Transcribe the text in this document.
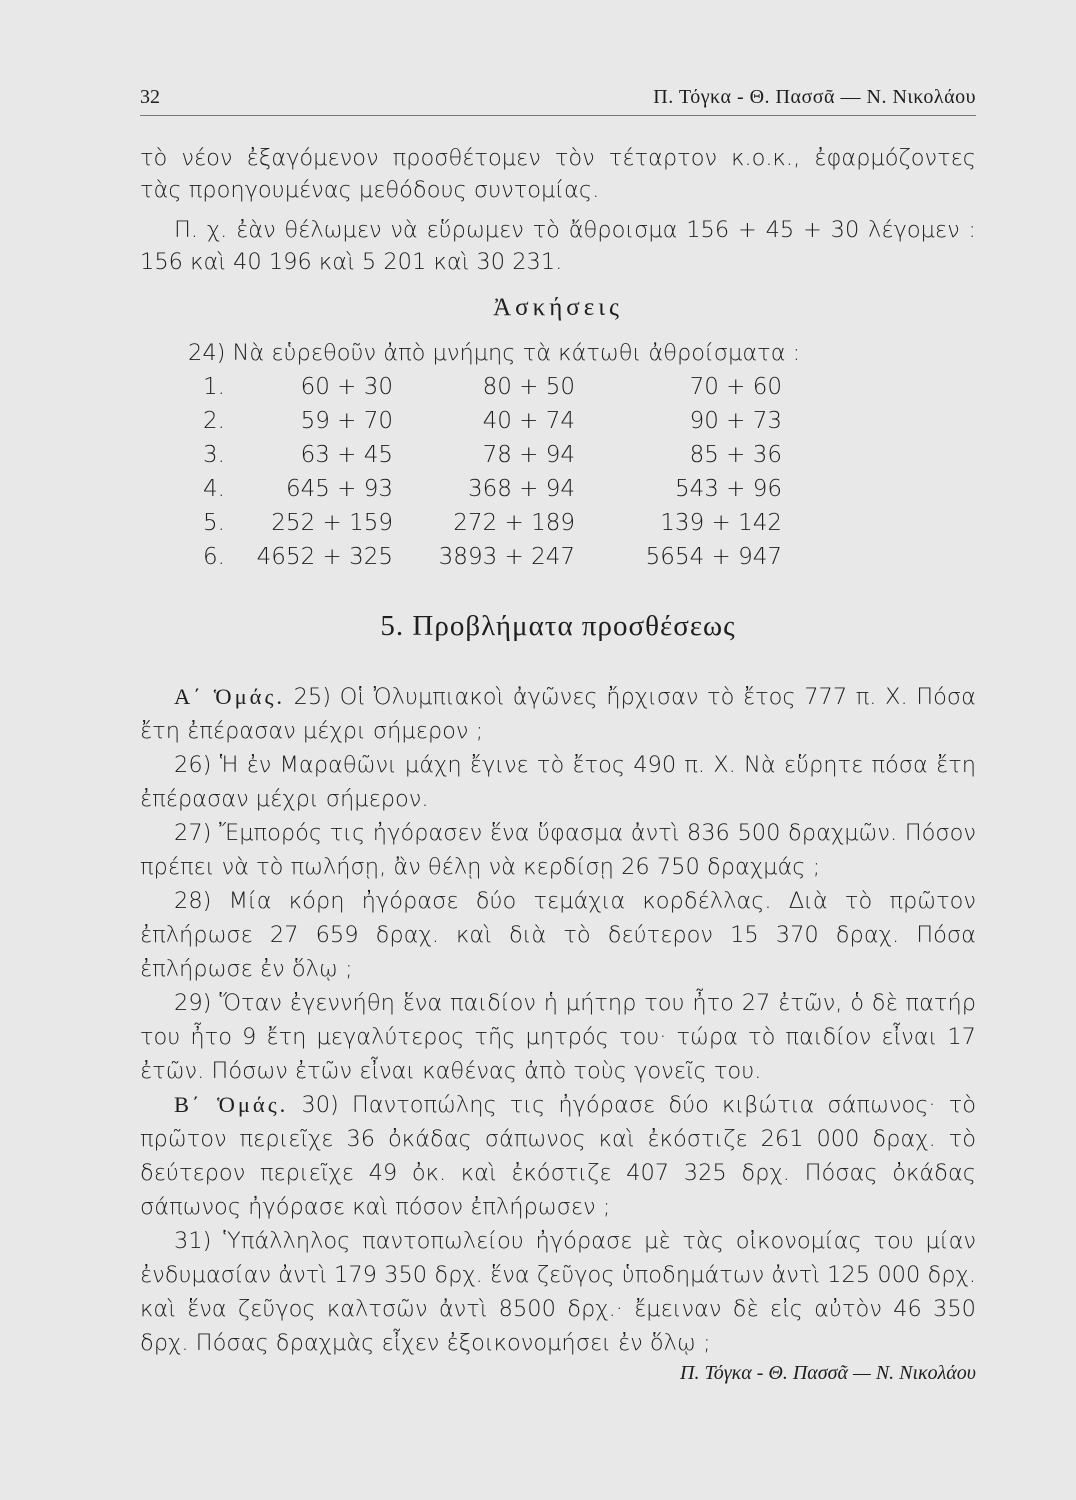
32	Π. Τόγκα - Θ. Πασσᾶ — Ν. Νικολάου

τὸ νέον ἐξαγόμενον προσθέτομεν τὸν τέταρτον κ.ο.κ., ἐφαρμόζοντες τὰς προηγουμένας μεθόδους συντομίας.

Π. χ. ἐὰν θέλωμεν νὰ εὕρωμεν τὸ ἄθροισμα 156 + 45 + 30 λέγομεν : 156 καὶ 40 196 καὶ 5 201 καὶ 30 231.

Ἀσκήσεις
24) Νὰ εὑρεθοῦν ἀπὸ μνήμης τὰ κάτωθι ἀθροίσματα :
1.	60 + 30	80 + 50	70 + 60
2.	59 + 70	40 + 74	90 + 73
3.	63 + 45	78 + 94	85 + 36
4.	645 + 93	368 + 94	543 + 96
5.	252 + 159	272 + 189	139 + 142
6.	4652 + 325	3893 + 247	5654 + 947
5. Προβλήματα προσθέσεως

Α΄ Ὁμάς. 25) Οἱ Ὀλυμπιακοὶ ἀγῶνες ἤρχισαν τὸ ἔτος 777 π. Χ. Πόσα ἔτη ἐπέρασαν μέχρι σήμερον ;

26) Ἡ ἐν Μαραθῶνι μάχη ἔγινε τὸ ἔτος 490 π. Χ. Νὰ εὕρητε πόσα ἔτη ἐπέρασαν μέχρι σήμερον.

27) Ἔμπορός τις ἠγόρασεν ἕνα ὕφασμα ἀντὶ 836 500 δραχμῶν. Πόσον πρέπει νὰ τὸ πωλήσῃ, ἂν θέλῃ νὰ κερδίσῃ 26 750 δραχμάς ;

28) Μία κόρη ἠγόρασε δύο τεμάχια κορδέλλας. Διὰ τὸ πρῶτον ἐπλήρωσε 27 659 δραχ. καὶ διὰ τὸ δεύτερον 15 370 δραχ. Πόσα ἐπλήρωσε ἐν ὅλῳ ;

29) Ὅταν ἐγεννήθη ἕνα παιδίον ἡ μήτηρ του ἦτο 27 ἐτῶν, ὁ δὲ πατήρ του ἦτο 9 ἔτη μεγαλύτερος τῆς μητρός του· τώρα τὸ παιδίον εἶναι 17 ἐτῶν. Πόσων ἐτῶν εἶναι καθένας ἀπὸ τοὺς γονεῖς του.

Β΄ Ὁμάς. 30) Παντοπώλης τις ἠγόρασε δύο κιβώτια σάπωνος· τὸ πρῶτον περιεῖχε 36 ὀκάδας σάπωνος καὶ ἐκόστιζε 261 000 δραχ. τὸ δεύτερον περιεῖχε 49 ὀκ. καὶ ἐκόστιζε 407 325 δρχ. Πόσας ὀκάδας σάπωνος ἠγόρασε καὶ πόσον ἐπλήρωσεν ;

31) Ὑπάλληλος παντοπωλείου ἠγόρασε μὲ τὰς οἰκονομίας του μίαν ἐνδυμασίαν ἀντὶ 179 350 δρχ. ἕνα ζεῦγος ὑποδημάτων ἀντὶ 125 000 δρχ. καὶ ἕνα ζεῦγος καλτσῶν ἀντὶ 8500 δρχ.· ἔμειναν δὲ εἰς αὐτὸν 46 350 δρχ. Πόσας δραχμὰς εἶχεν ἐξοικονομήσει ἐν ὅλῳ ;

Π. Τόγκα - Θ. Πασσᾶ — Ν. Νικολάου
